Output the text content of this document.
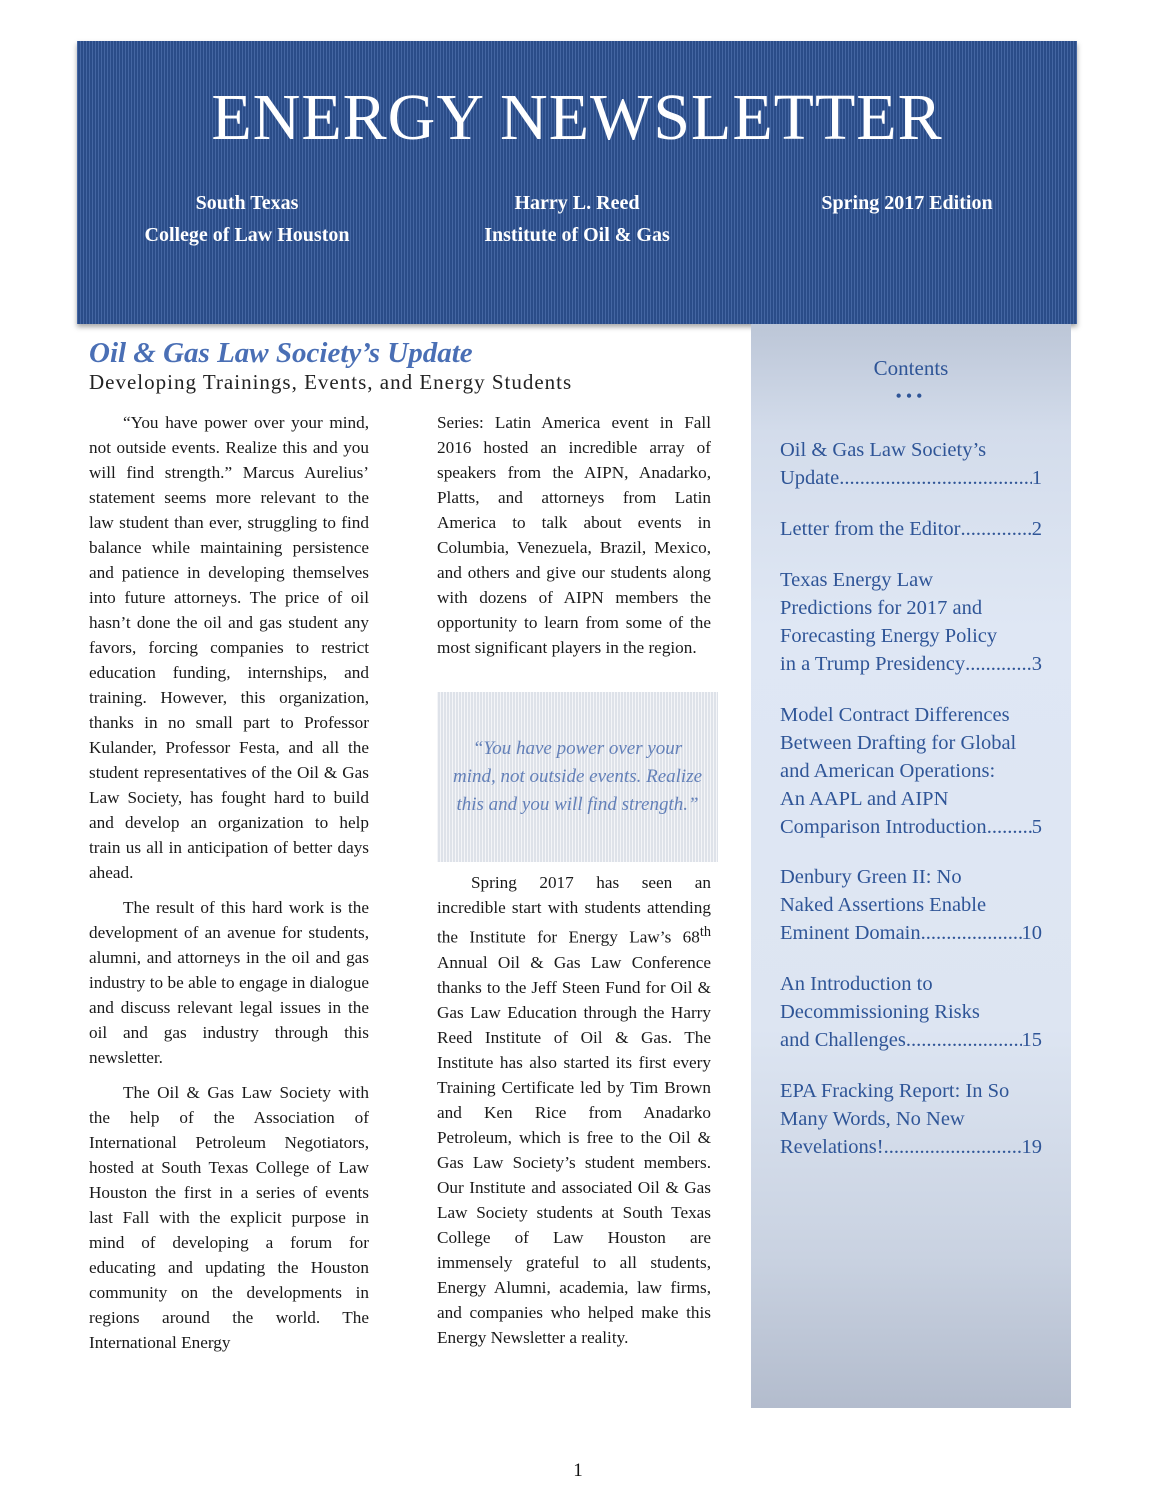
ENERGY NEWSLETTER
South Texas
College of Law Houston
Harry L. Reed
Institute of Oil & Gas
Spring 2017 Edition
Oil & Gas Law Society’s Update
Developing Trainings, Events, and Energy Students

“You have power over your mind, not outside events. Realize this and you will find strength.” Marcus Aurelius’ statement seems more relevant to the law student than ever, struggling to find balance while maintaining persistence and patience in developing themselves into future attorneys. The price of oil hasn’t done the oil and gas student any favors, forcing companies to restrict education funding, internships, and training. However, this organization, thanks in no small part to Professor Kulander, Professor Festa, and all the student representatives of the Oil & Gas Law Society, has fought hard to build and develop an organization to help train us all in anticipation of better days ahead.

The result of this hard work is the development of an avenue for students, alumni, and attorneys in the oil and gas industry to be able to engage in dialogue and discuss relevant legal issues in the oil and gas industry through this newsletter.

The Oil & Gas Law Society with the help of the Association of International Petroleum Negotiators, hosted at South Texas College of Law Houston the first in a series of events last Fall with the explicit purpose in mind of developing a forum for educating and updating the Houston community on the developments in regions around the world. The International Energy

Series: Latin America event in Fall 2016 hosted an incredible array of speakers from the AIPN, Anadarko, Platts, and attorneys from Latin America to talk about events in Columbia, Venezuela, Brazil, Mexico, and others and give our students along with dozens of AIPN members the opportunity to learn from some of the most significant players in the region.

“You have power over your mind, not outside events. Realize this and you will find strength.”

Spring 2017 has seen an incredible start with students attending the Institute for Energy Law’s 68th Annual Oil & Gas Law Conference thanks to the Jeff Steen Fund for Oil & Gas Law Education through the Harry Reed Institute of Oil & Gas. The Institute has also started its first every Training Certificate led by Tim Brown and Ken Rice from Anadarko Petroleum, which is free to the Oil & Gas Law Society’s student members. Our Institute and associated Oil & Gas Law Society students at South Texas College of Law Houston are immensely grateful to all students, Energy Alumni, academia, law firms, and companies who helped make this Energy Newsletter a reality.

Contents
•••
Oil & Gas Law Society’s
Update .....	1
Letter from the Editor .....	2
Texas Energy Law
Predictions for 2017 and
Forecasting Energy Policy
in a Trump Presidency .....	3
Model Contract Differences
Between Drafting for Global
and American Operations:
An AAPL and AIPN
Comparison Introduction ..... 5
Denbury Green II: No
Naked Assertions Enable
Eminent Domain .....	10
An Introduction to
Decommissioning Risks
and Challenges .....	15
EPA Fracking Report: In So
Many Words, No New
Revelations! .....	19
1
